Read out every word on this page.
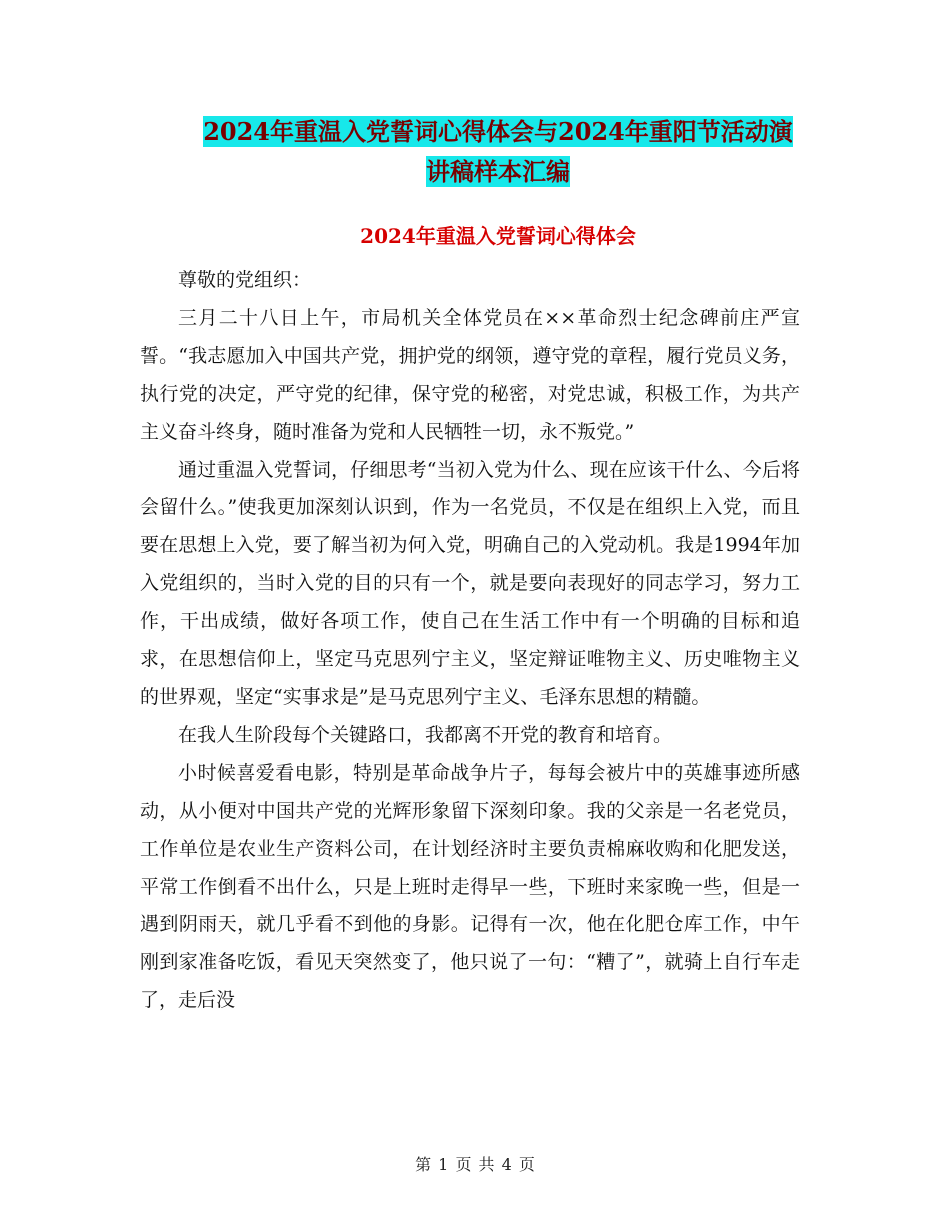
2024年重温入党誓词心得体会与2024年重阳节活动演
讲稿样本汇编
2024年重温入党誓词心得体会

尊敬的党组织：

三月二十八日上午，市局机关全体党员在××革命烈士纪念碑前庄严宣誓。“我志愿加入中国共产党，拥护党的纲领，遵守党的章程，履行党员义务，执行党的决定，严守党的纪律，保守党的秘密，对党忠诚，积极工作，为共产主义奋斗终身，随时准备为党和人民牺牲一切，永不叛党。”

通过重温入党誓词，仔细思考“当初入党为什么、现在应该干什么、今后将会留什么。”使我更加深刻认识到，作为一名党员，不仅是在组织上入党，而且要在思想上入党，要了解当初为何入党，明确自己的入党动机。我是1994年加入党组织的，当时入党的目的只有一个，就是要向表现好的同志学习，努力工作，干出成绩，做好各项工作，使自己在生活工作中有一个明确的目标和追求，在思想信仰上，坚定马克思列宁主义，坚定辩证唯物主义、历史唯物主义的世界观，坚定“实事求是”是马克思列宁主义、毛泽东思想的精髓。

在我人生阶段每个关键路口，我都离不开党的教育和培育。

小时候喜爱看电影，特别是革命战争片子，每每会被片中的英雄事迹所感动，从小便对中国共产党的光辉形象留下深刻印象。我的父亲是一名老党员，工作单位是农业生产资料公司，在计划经济时主要负责棉麻收购和化肥发送，平常工作倒看不出什么，只是上班时走得早一些，下班时来家晚一些，但是一遇到阴雨天，就几乎看不到他的身影。记得有一次，他在化肥仓库工作，中午刚到家准备吃饭，看见天突然变了，他只说了一句：“糟了”，就骑上自行车走了，走后没

第 1 页 共 4 页
